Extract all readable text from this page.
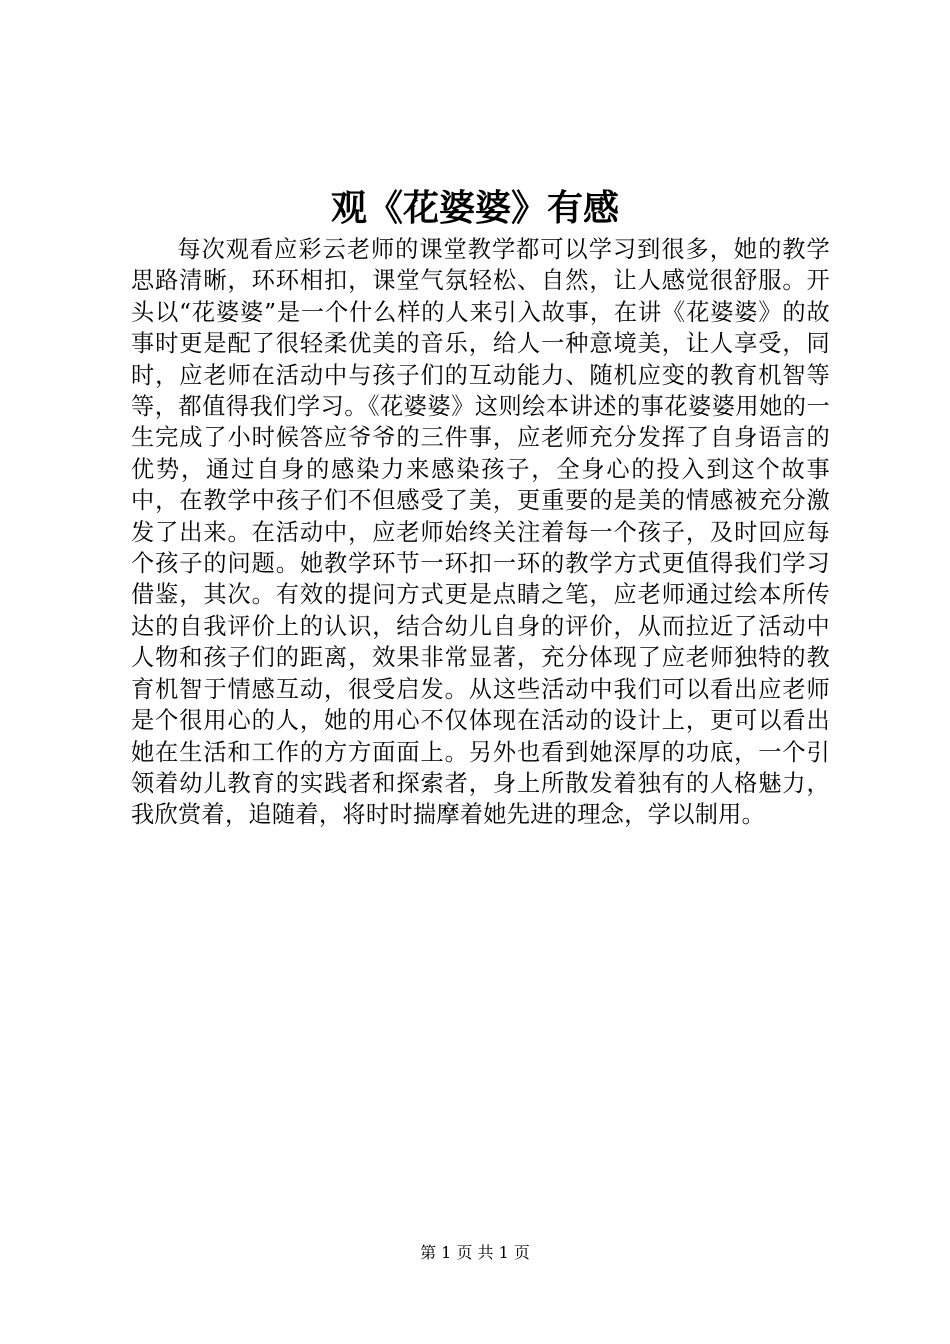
观《花婆婆》有感

每次观看应彩云老师的课堂教学都可以学习到很多，她的教学思路清晰，环环相扣，课堂气氛轻松、自然，让人感觉很舒服。开头以“花婆婆”是一个什么样的人来引入故事，在讲《花婆婆》的故事时更是配了很轻柔优美的音乐，给人一种意境美，让人享受，同时，应老师在活动中与孩子们的互动能力、随机应变的教育机智等等，都值得我们学习。《花婆婆》这则绘本讲述的事花婆婆用她的一生完成了小时候答应爷爷的三件事，应老师充分发挥了自身语言的优势，通过自身的感染力来感染孩子，全身心的投入到这个故事中，在教学中孩子们不但感受了美，更重要的是美的情感被充分激发了出来。在活动中，应老师始终关注着每一个孩子，及时回应每个孩子的问题。她教学环节一环扣一环的教学方式更值得我们学习借鉴，其次。有效的提问方式更是点睛之笔，应老师通过绘本所传达的自我评价上的认识，结合幼儿自身的评价，从而拉近了活动中人物和孩子们的距离，效果非常显著，充分体现了应老师独特的教育机智于情感互动，很受启发。从这些活动中我们可以看出应老师是个很用心的人，她的用心不仅体现在活动的设计上，更可以看出她在生活和工作的方方面面上。另外也看到她深厚的功底，一个引领着幼儿教育的实践者和探索者，身上所散发着独有的人格魅力，我欣赏着，追随着，将时时揣摩着她先进的理念，学以制用。

第 1 页 共 1 页
